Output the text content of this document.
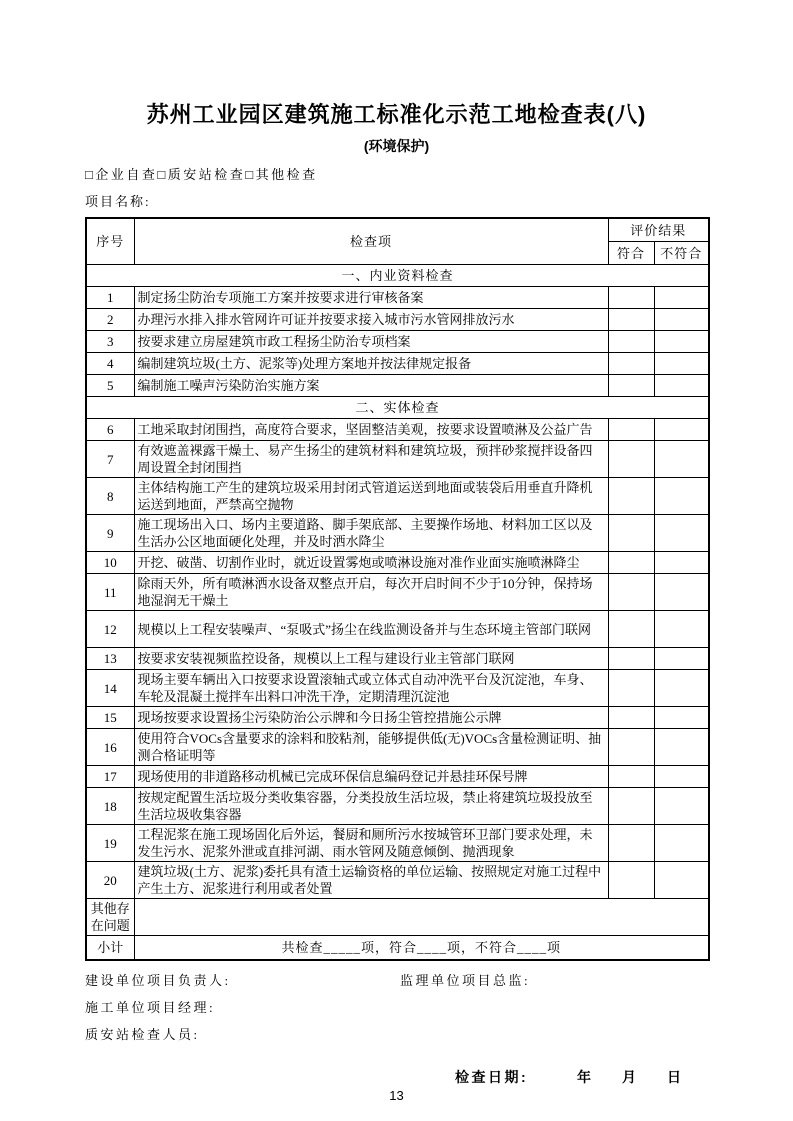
苏州工业园区建筑施工标准化示范工地检查表(八)
(环境保护)
□企业自查□质安站检查□其他检查
项目名称:
序号	检查项	评价结果	
		符合	不符合
一、内业资料检查			
1	制定扬尘防治专项施工方案并按要求进行审核备案		
2	办理污水排入排水管网许可证并按要求接入城市污水管网排放污水		
3	按要求建立房屋建筑市政工程扬尘防治专项档案		
4	编制建筑垃圾(土方、泥浆等)处理方案地并按法律规定报备		
5	编制施工噪声污染防治实施方案		
二、实体检查			
6	工地采取封闭围挡，高度符合要求，坚固整洁美观，按要求设置喷淋及公益广告		
7	有效遮盖裸露干燥土、易产生扬尘的建筑材料和建筑垃圾，预拌砂浆搅拌设备四周设置全封闭围挡		
8	主体结构施工产生的建筑垃圾采用封闭式管道运送到地面或装袋后用垂直升降机运送到地面，严禁高空抛物		
9	施工现场出入口、场内主要道路、脚手架底部、主要操作场地、材料加工区以及生活办公区地面硬化处理，并及时洒水降尘		
10	开挖、破凿、切割作业时，就近设置雾炮或喷淋设施对准作业面实施喷淋降尘		
11	除雨天外，所有喷淋洒水设备双整点开启，每次开启时间不少于10分钟，保持场地湿润无干燥土		
12	规模以上工程安装噪声、“泵吸式”扬尘在线监测设备并与生态环境主管部门联网		
13	按要求安装视频监控设备，规模以上工程与建设行业主管部门联网		
14	现场主要车辆出入口按要求设置滚轴式或立体式自动冲洗平台及沉淀池，车身、车轮及混凝土搅拌车出料口冲洗干净，定期清理沉淀池		
15	现场按要求设置扬尘污染防治公示牌和今日扬尘管控措施公示牌		
16	使用符合VOCs含量要求的涂料和胶粘剂，能够提供低(无)VOCs含量检测证明、抽测合格证明等		
17	现场使用的非道路移动机械已完成环保信息编码登记并悬挂环保号牌		
18	按规定配置生活垃圾分类收集容器，分类投放生活垃圾，禁止将建筑垃圾投放至生活垃圾收集容器		
19	工程泥浆在施工现场固化后外运，餐厨和厕所污水按城管环卫部门要求处理，未发生污水、泥浆外泄或直排河湖、雨水管网及随意倾倒、抛洒现象		
20	建筑垃圾(土方、泥浆)委托具有渣土运输资格的单位运输、按照规定对施工过程中产生土方、泥浆进行利用或者处置		
其他存在问题			
小计	共检查_____项，符合____项，不符合____项		
建设单位项目负责人:	监理单位项目总监:
施工单位项目经理:
质安站检查人员:
检查日期:	年 月 日
13
